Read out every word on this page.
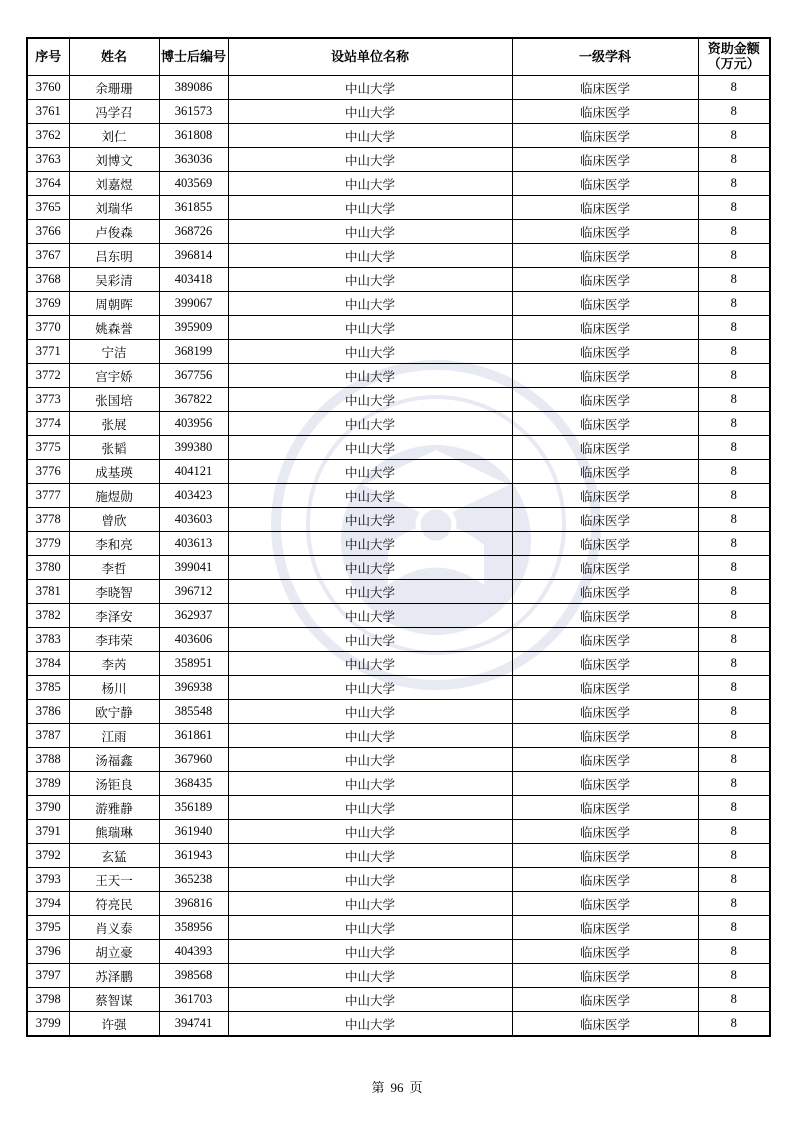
序号	姓名	博士后编号	设站单位名称	一级学科	资助金额（万元）
3760	余珊珊	389086	中山大学	临床医学	8
3761	冯学召	361573	中山大学	临床医学	8
3762	刘仁	361808	中山大学	临床医学	8
3763	刘博文	363036	中山大学	临床医学	8
3764	刘嘉煜	403569	中山大学	临床医学	8
3765	刘瑞华	361855	中山大学	临床医学	8
3766	卢俊森	368726	中山大学	临床医学	8
3767	吕东明	396814	中山大学	临床医学	8
3768	吴彩清	403418	中山大学	临床医学	8
3769	周朝晖	399067	中山大学	临床医学	8
3770	姚森誉	395909	中山大学	临床医学	8
3771	宁洁	368199	中山大学	临床医学	8
3772	宫宇娇	367756	中山大学	临床医学	8
3773	张国培	367822	中山大学	临床医学	8
3774	张展	403956	中山大学	临床医学	8
3775	张韬	399380	中山大学	临床医学	8
3776	成基瑛	404121	中山大学	临床医学	8
3777	施煜勋	403423	中山大学	临床医学	8
3778	曾欣	403603	中山大学	临床医学	8
3779	李和亮	403613	中山大学	临床医学	8
3780	李哲	399041	中山大学	临床医学	8
3781	李晓智	396712	中山大学	临床医学	8
3782	李泽安	362937	中山大学	临床医学	8
3783	李玮荣	403606	中山大学	临床医学	8
3784	李芮	358951	中山大学	临床医学	8
3785	杨川	396938	中山大学	临床医学	8
3786	欧宁静	385548	中山大学	临床医学	8
3787	江雨	361861	中山大学	临床医学	8
3788	汤福鑫	367960	中山大学	临床医学	8
3789	汤钜良	368435	中山大学	临床医学	8
3790	游雅静	356189	中山大学	临床医学	8
3791	熊瑞琳	361940	中山大学	临床医学	8
3792	玄猛	361943	中山大学	临床医学	8
3793	王天一	365238	中山大学	临床医学	8
3794	符亮民	396816	中山大学	临床医学	8
3795	肖义泰	358956	中山大学	临床医学	8
3796	胡立豪	404393	中山大学	临床医学	8
3797	苏泽鹏	398568	中山大学	临床医学	8
3798	蔡智谋	361703	中山大学	临床医学	8
3799	许强	394741	中山大学	临床医学	8
第 96 页
